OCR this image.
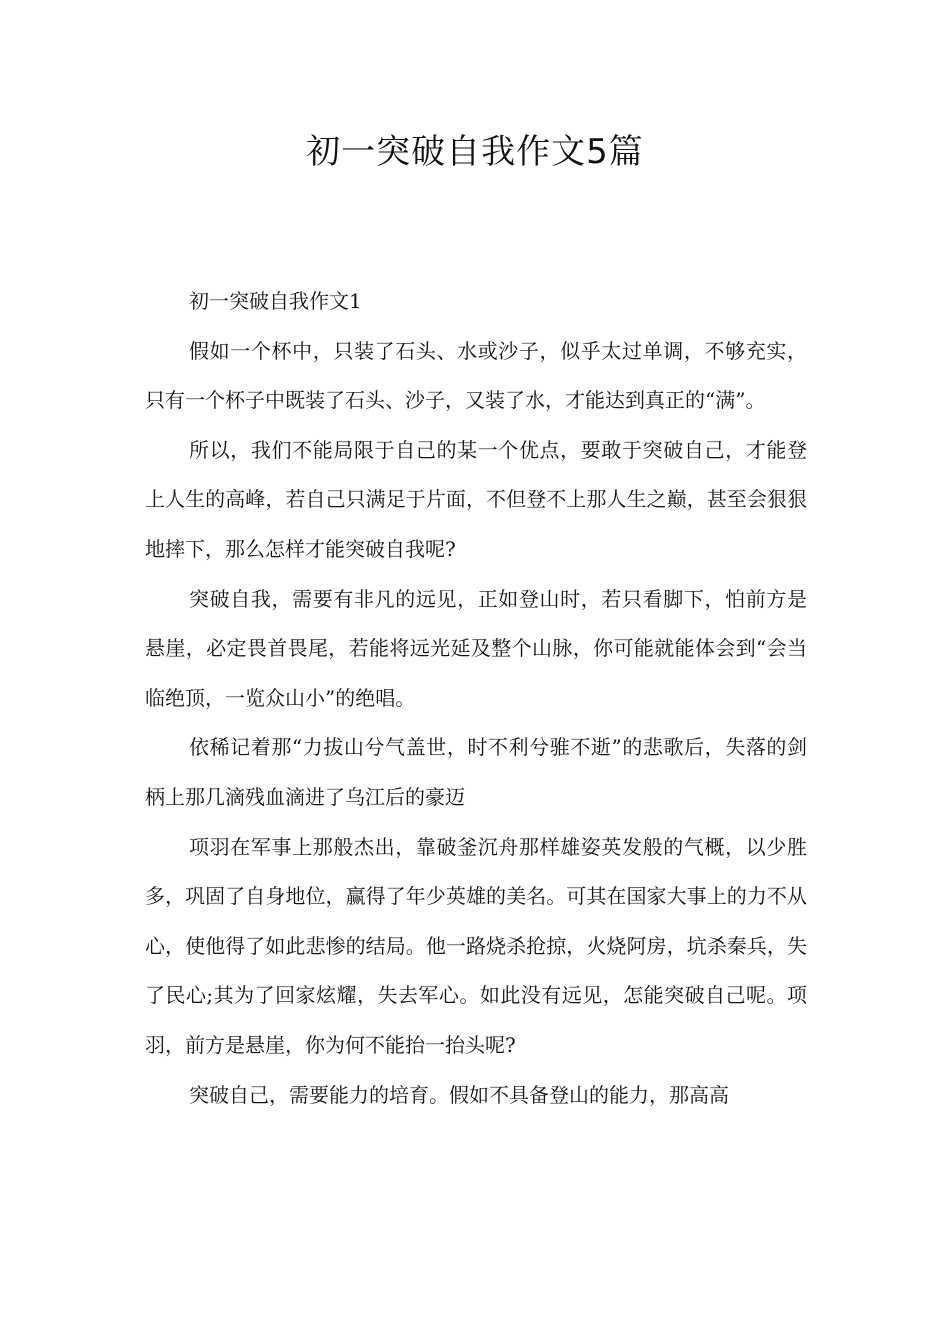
初一突破自我作文5篇

初一突破自我作文1

假如一个杯中，只装了石头、水或沙子，似乎太过单调，不够充实，只有一个杯子中既装了石头、沙子，又装了水，才能达到真正的“满”。

所以，我们不能局限于自己的某一个优点，要敢于突破自己，才能登上人生的高峰，若自己只满足于片面，不但登不上那人生之巅，甚至会狠狠地摔下，那么怎样才能突破自我呢?

突破自我，需要有非凡的远见，正如登山时，若只看脚下，怕前方是悬崖，必定畏首畏尾，若能将远光延及整个山脉，你可能就能体会到“会当临绝顶，一览众山小”的绝唱。

依稀记着那“力拔山兮气盖世，时不利兮骓不逝”的悲歌后，失落的剑柄上那几滴残血滴进了乌江后的豪迈

项羽在军事上那般杰出，靠破釜沉舟那样雄姿英发般的气概，以少胜多，巩固了自身地位，赢得了年少英雄的美名。可其在国家大事上的力不从心，使他得了如此悲惨的结局。他一路烧杀抢掠，火烧阿房，坑杀秦兵，失了民心;其为了回家炫耀，失去军心。如此没有远见，怎能突破自己呢。项羽，前方是悬崖，你为何不能抬一抬头呢?

突破自己，需要能力的培育。假如不具备登山的能力，那高高
